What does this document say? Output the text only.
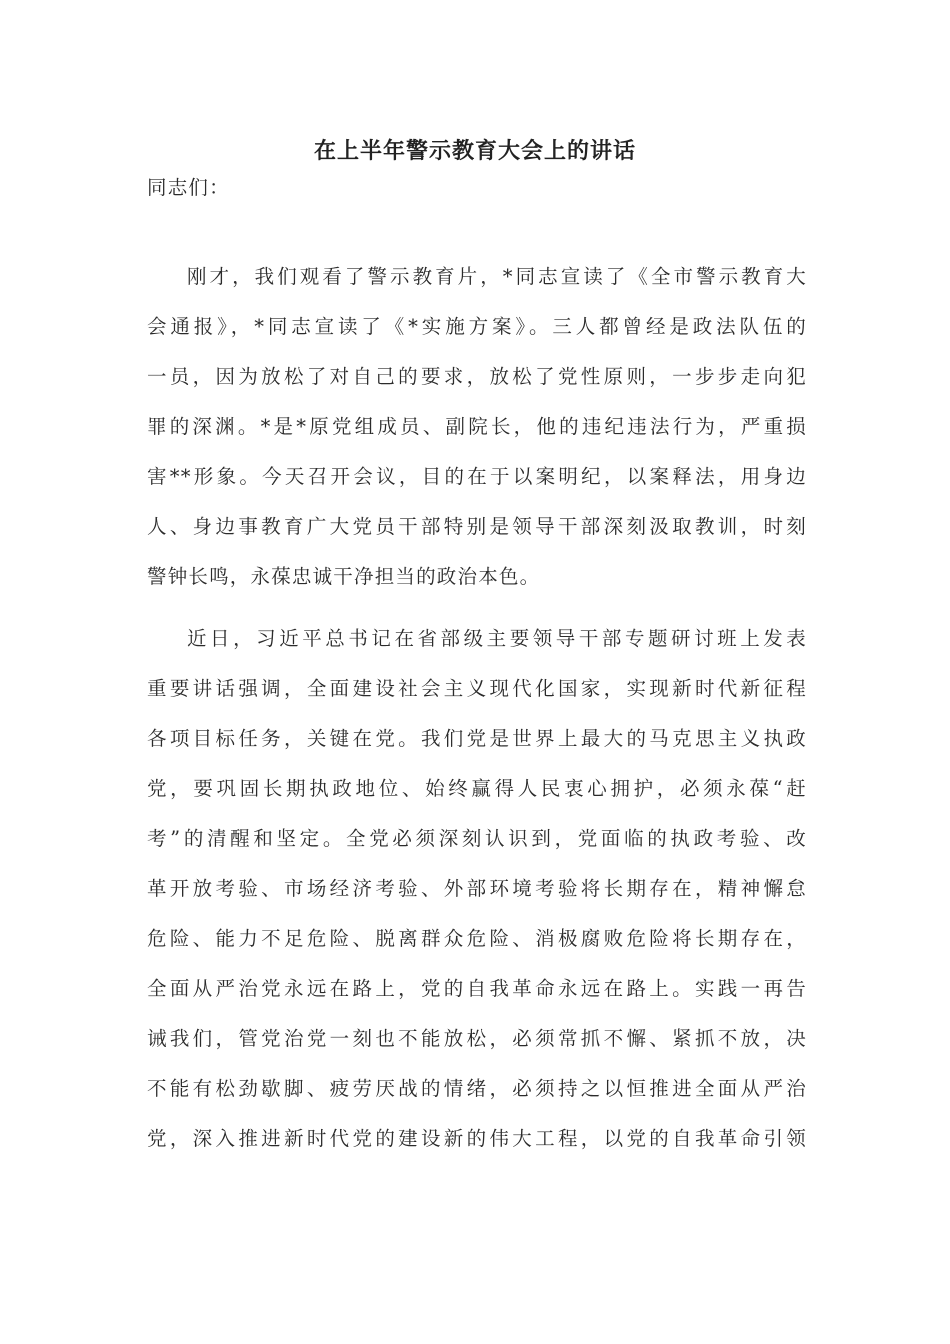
在上半年警示教育大会上的讲话
同志们：
刚才，我们观看了警示教育片，*同志宣读了《全市警示教育大
会通报》，*同志宣读了《*实施方案》。三人都曾经是政法队伍的
一员，因为放松了对自己的要求，放松了党性原则，一步步走向犯
罪的深渊。*是*原党组成员、副院长，他的违纪违法行为，严重损
害**形象。今天召开会议，目的在于以案明纪，以案释法，用身边
人、身边事教育广大党员干部特别是领导干部深刻汲取教训，时刻
警钟长鸣，永葆忠诚干净担当的政治本色。
近日，习近平总书记在省部级主要领导干部专题研讨班上发表
重要讲话强调，全面建设社会主义现代化国家，实现新时代新征程
各项目标任务，关键在党。我们党是世界上最大的马克思主义执政
党，要巩固长期执政地位、始终赢得人民衷心拥护，必须永葆“赶
考”的清醒和坚定。全党必须深刻认识到，党面临的执政考验、改
革开放考验、市场经济考验、外部环境考验将长期存在，精神懈怠
危险、能力不足危险、脱离群众危险、消极腐败危险将长期存在，
全面从严治党永远在路上，党的自我革命永远在路上。实践一再告
诫我们，管党治党一刻也不能放松，必须常抓不懈、紧抓不放，决
不能有松劲歇脚、疲劳厌战的情绪，必须持之以恒推进全面从严治
党，深入推进新时代党的建设新的伟大工程，以党的自我革命引领
